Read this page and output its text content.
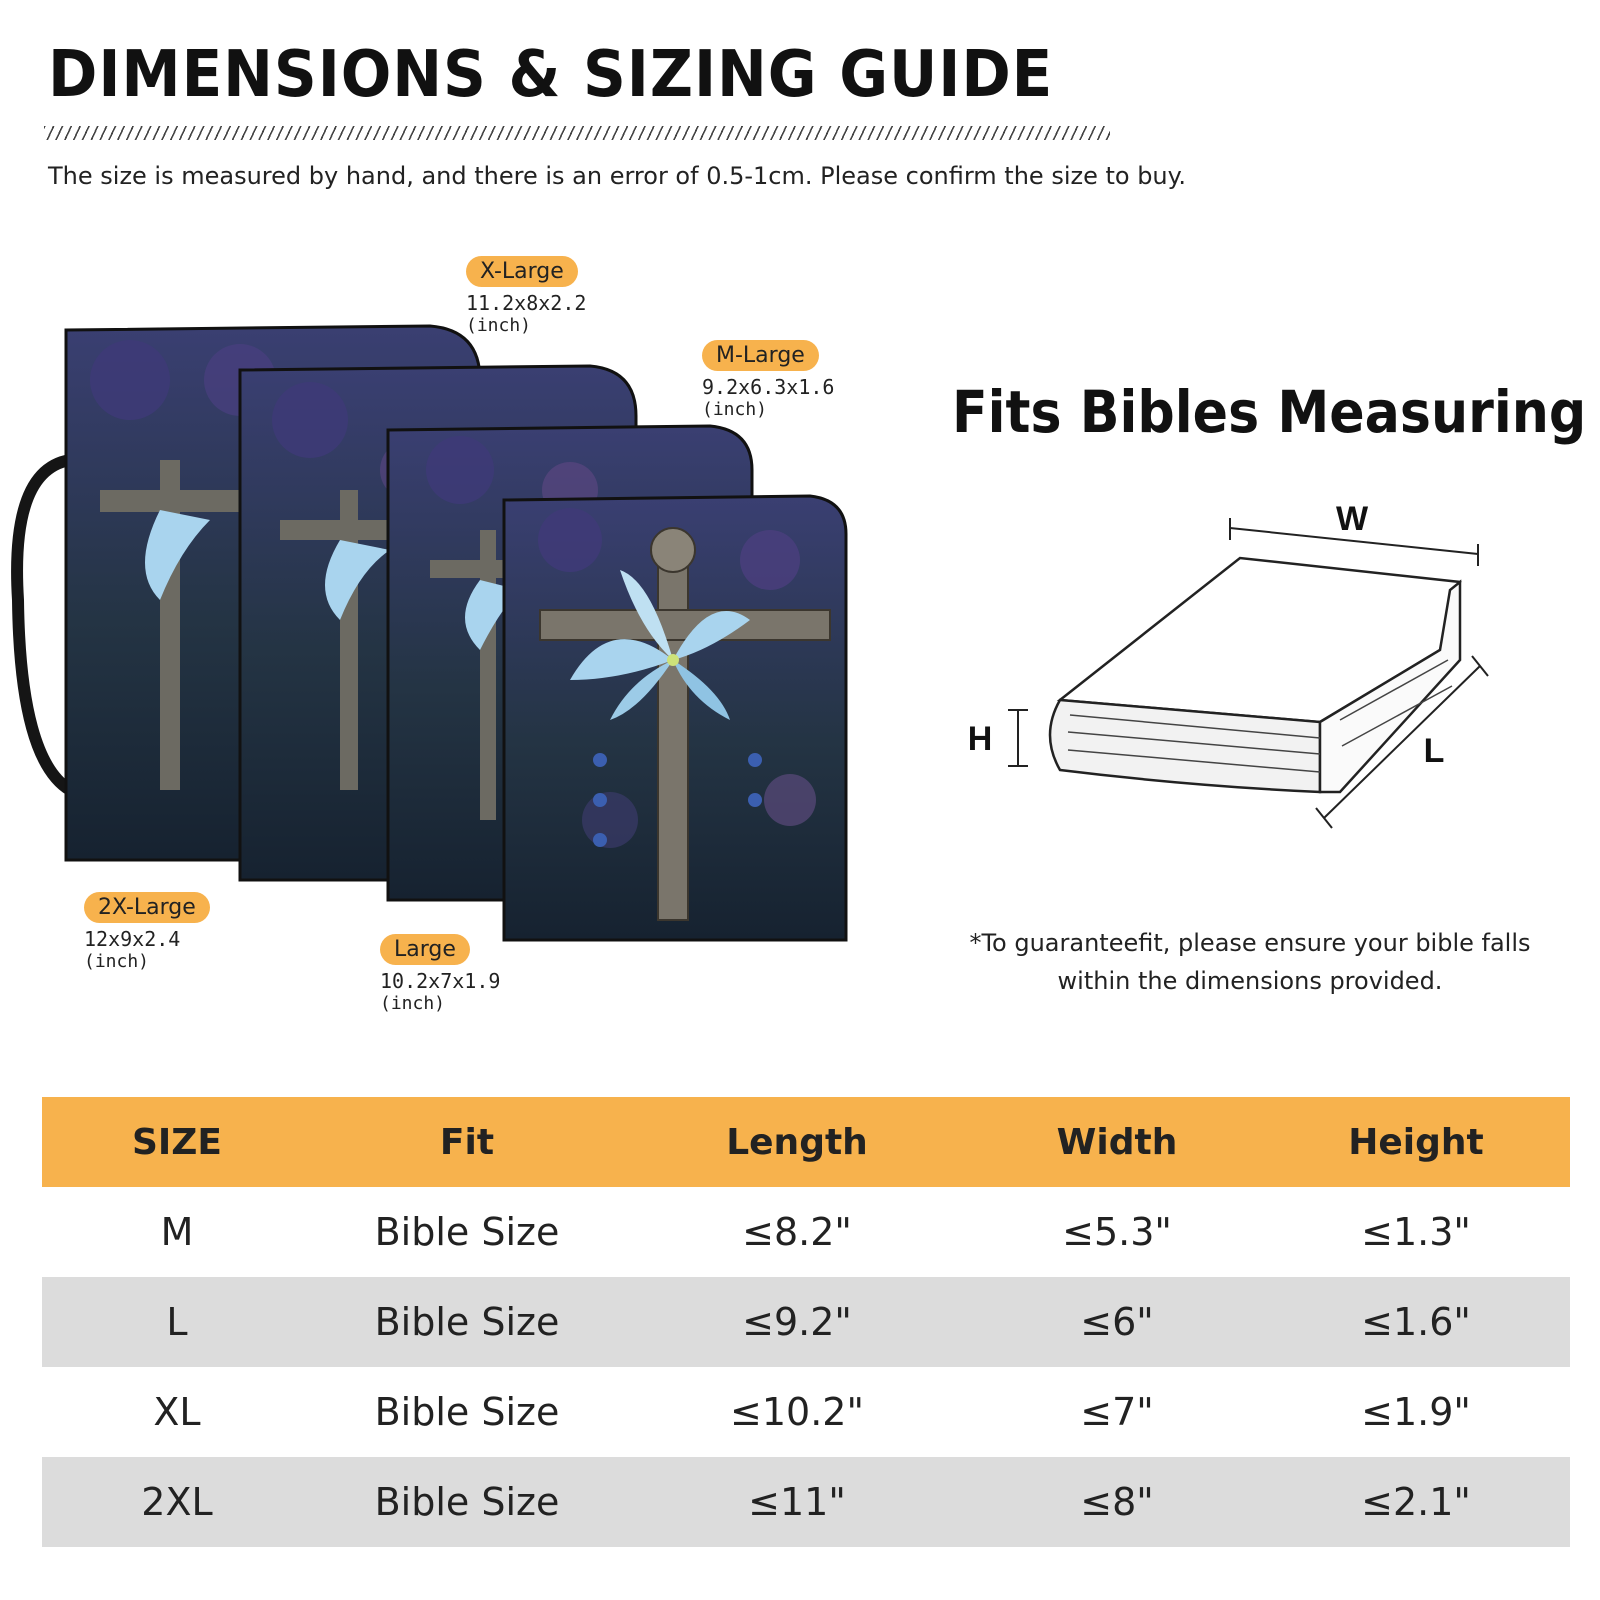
DIMENSIONS & SIZING GUIDE
The size is measured by hand, and there is an error of 0.5-1cm. Please confirm the size to buy.
X-Large
11.2x8x2.2
(inch)
M-Large
9.2x6.3x1.6
(inch)
2X-Large
12x9x2.4
(inch)	Large
10.2x7x1.9
(inch)
Fits Bibles Measuring
W
H	L
*To guaranteefit, please ensure your bible falls
within the dimensions provided.
SIZE	Fit	Length	Width	Height
M	Bible Size	≤8.2"	≤5.3"	≤1.3"
L	Bible Size	≤9.2"	≤6"	≤1.6"
XL	Bible Size	≤10.2"	≤7"	≤1.9"
2XL	Bible Size	≤11"	≤8"	≤2.1"
